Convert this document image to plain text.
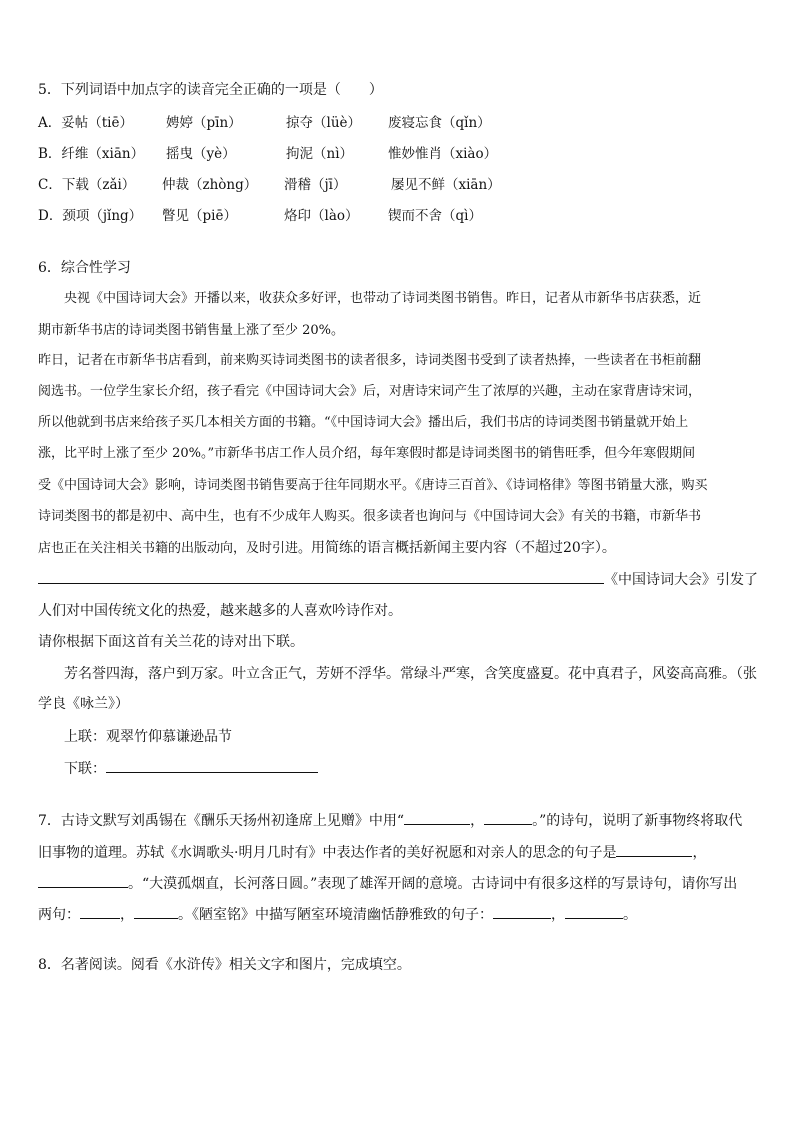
5．下列词语中加点字的读音完全正确的一项是（　　）
A．妥帖（tiē） 娉婷（pīn）	掠夺（lüè） 废寝忘食（qǐn）
B．纤维（xiān） 摇曳（yè）	拘泥（nì）	惟妙惟肖（xiào）
C．下载（zǎi） 仲裁（zhòng） 滑稽（jī）	屡见不鲜（xiān）
D．颈项（jǐng） 瞥见（piē）	烙印（lào） 锲而不舍（qì）
6．综合性学习
央视《中国诗词大会》开播以来，收获众多好评，也带动了诗词类图书销售。昨日，记者从市新华书店获悉，近
期市新华书店的诗词类图书销售量上涨了至少 20%。
昨日，记者在市新华书店看到，前来购买诗词类图书的读者很多，诗词类图书受到了读者热捧，一些读者在书柜前翻
阅选书。一位学生家长介绍，孩子看完《中国诗词大会》后，对唐诗宋词产生了浓厚的兴趣，主动在家背唐诗宋词，
所以他就到书店来给孩子买几本相关方面的书籍。“《中国诗词大会》播出后，我们书店的诗词类图书销量就开始上
涨，比平时上涨了至少 20%。”市新华书店工作人员介绍，每年寒假时都是诗词类图书的销售旺季，但今年寒假期间
受《中国诗词大会》影响，诗词类图书销售要高于往年同期水平。《唐诗三百首》、《诗词格律》等图书销量大涨，购买
诗词类图书的都是初中、高中生，也有不少成年人购买。很多读者也询问与《中国诗词大会》有关的书籍，市新华书
店也正在关注相关书籍的出版动向，及时引进。用简练的语言概括新闻主要内容（不超过20字）。
《中国诗词大会》引发了
人们对中国传统文化的热爱，越来越多的人喜欢吟诗作对。
请你根据下面这首有关兰花的诗对出下联。
芳名誉四海，落户到万家。叶立含正气，芳妍不浮华。常绿斗严寒，含笑度盛夏。花中真君子，风姿高高雅。（张
学良《咏兰》）
上联：观翠竹仰慕谦逊品节
下联：
7．古诗文默写刘禹锡在《酬乐天扬州初逢席上见赠》中用“	，	。”的诗句，说明了新事物终将取代
旧事物的道理。苏轼《水调歌头·明月几时有》中表达作者的美好祝愿和对亲人的思念的句子是	，
。“大漠孤烟直，长河落日圆。”表现了雄浑开阔的意境。古诗词中有很多这样的写景诗句，请你写出
两句：	，	。《陋室铭》中描写陋室环境清幽恬静雅致的句子：	，	。
8．名著阅读。阅看《水浒传》相关文字和图片，完成填空。
